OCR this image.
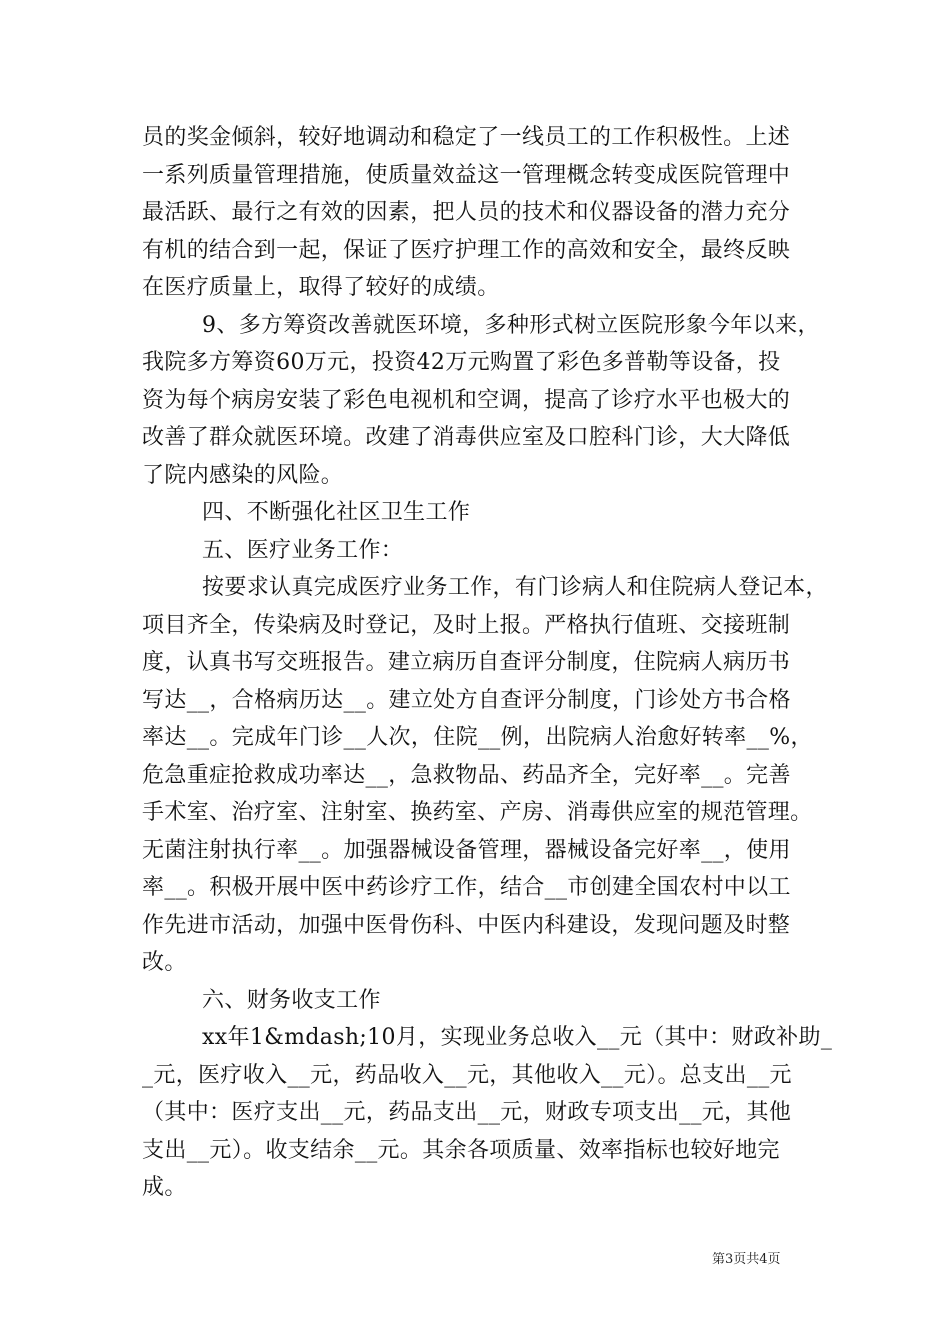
员的奖金倾斜，较好地调动和稳定了一线员工的工作积极性。上述
一系列质量管理措施，使质量效益这一管理概念转变成医院管理中
最活跃、最行之有效的因素，把人员的技术和仪器设备的潜力充分
有机的结合到一起，保证了医疗护理工作的高效和安全，最终反映
在医疗质量上，取得了较好的成绩。
9、多方筹资改善就医环境，多种形式树立医院形象今年以来，
我院多方筹资60万元，投资42万元购置了彩色多普勒等设备，投
资为每个病房安装了彩色电视机和空调，提高了诊疗水平也极大的
改善了群众就医环境。改建了消毒供应室及口腔科门诊，大大降低
了院内感染的风险。
四、不断强化社区卫生工作
五、医疗业务工作：
按要求认真完成医疗业务工作，有门诊病人和住院病人登记本，
项目齐全，传染病及时登记，及时上报。严格执行值班、交接班制
度，认真书写交班报告。建立病历自查评分制度，住院病人病历书
写达__，合格病历达__。建立处方自查评分制度，门诊处方书合格
率达__。完成年门诊__人次，住院__例，出院病人治愈好转率__%，
危急重症抢救成功率达__，急救物品、药品齐全，完好率__。完善
手术室、治疗室、注射室、换药室、产房、消毒供应室的规范管理。
无菌注射执行率__。加强器械设备管理，器械设备完好率__，使用
率__。积极开展中医中药诊疗工作，结合__市创建全国农村中以工
作先进市活动，加强中医骨伤科、中医内科建设，发现问题及时整
改。
六、财务收支工作
xx年1&mdash;10月，实现业务总收入__元（其中：财政补助_
_元，医疗收入__元，药品收入__元，其他收入__元）。总支出__元
（其中：医疗支出__元，药品支出__元，财政专项支出__元，其他
支出__元）。收支结余__元。其余各项质量、效率指标也较好地完
成。
第3页共4页
